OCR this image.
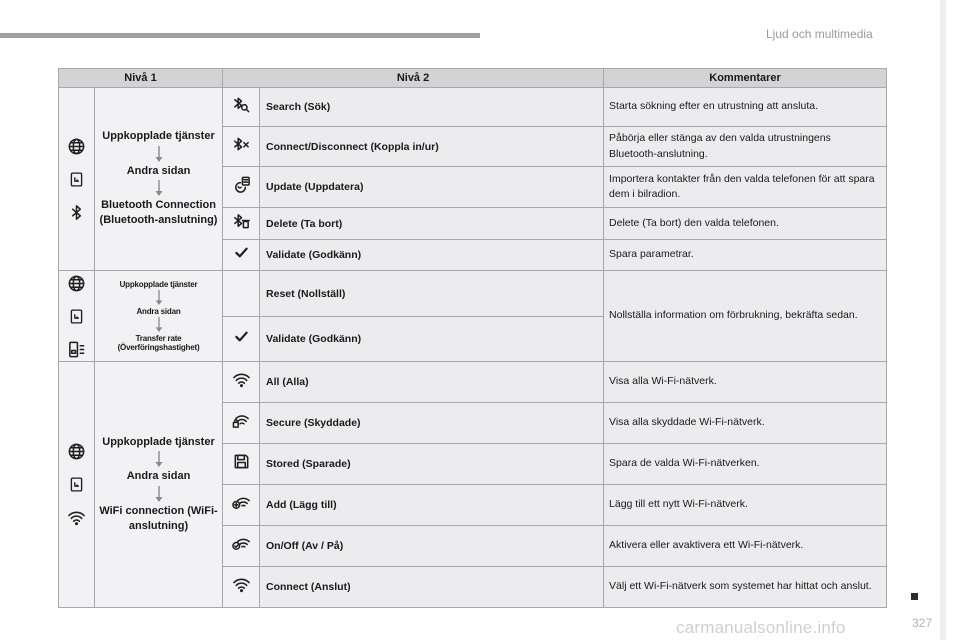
Ljud och multimedia
Nivå 1		Nivå 2		Kommentarer

Uppkopplade tjänster
Andra sidan
Bluetooth Connection (Bluetooth-anslutning)		Search (Sök)	Starta sökning efter en utrustning att ansluta.
	Connect/Disconnect (Koppla in/ur)	Påbörja eller stänga av den valda utrustningens Bluetooth-anslutning.
	Update (Uppdatera)	Importera kontakter från den valda telefonen för att spara dem i bilradion.
	Delete (Ta bort)	Delete (Ta bort) den valda telefonen.
	Validate (Godkänn)	Spara parametrar.

Uppkopplade tjänster
Andra sidan
Transfer rate (Överföringshastighet)		Reset (Nollställ)	Nollställa information om förbrukning, bekräfta sedan.
	Validate (Godkänn)	

Uppkopplade tjänster
Andra sidan
WiFi connection (WiFi-anslutning)		All (Alla)	Visa alla Wi-Fi-nätverk.
	Secure (Skyddade)	Visa alla skyddade Wi-Fi-nätverk.
	Stored (Sparade)	Spara de valda Wi-Fi-nätverken.
	Add (Lägg till)	Lägg till ett nytt Wi-Fi-nätverk.
	On/Off (Av / På)	Aktivera eller avaktivera ett Wi-Fi-nätverk.
	Connect (Anslut)	Välj ett Wi-Fi-nätverk som systemet har hittat och anslut.
carmanualsonline.info	327
